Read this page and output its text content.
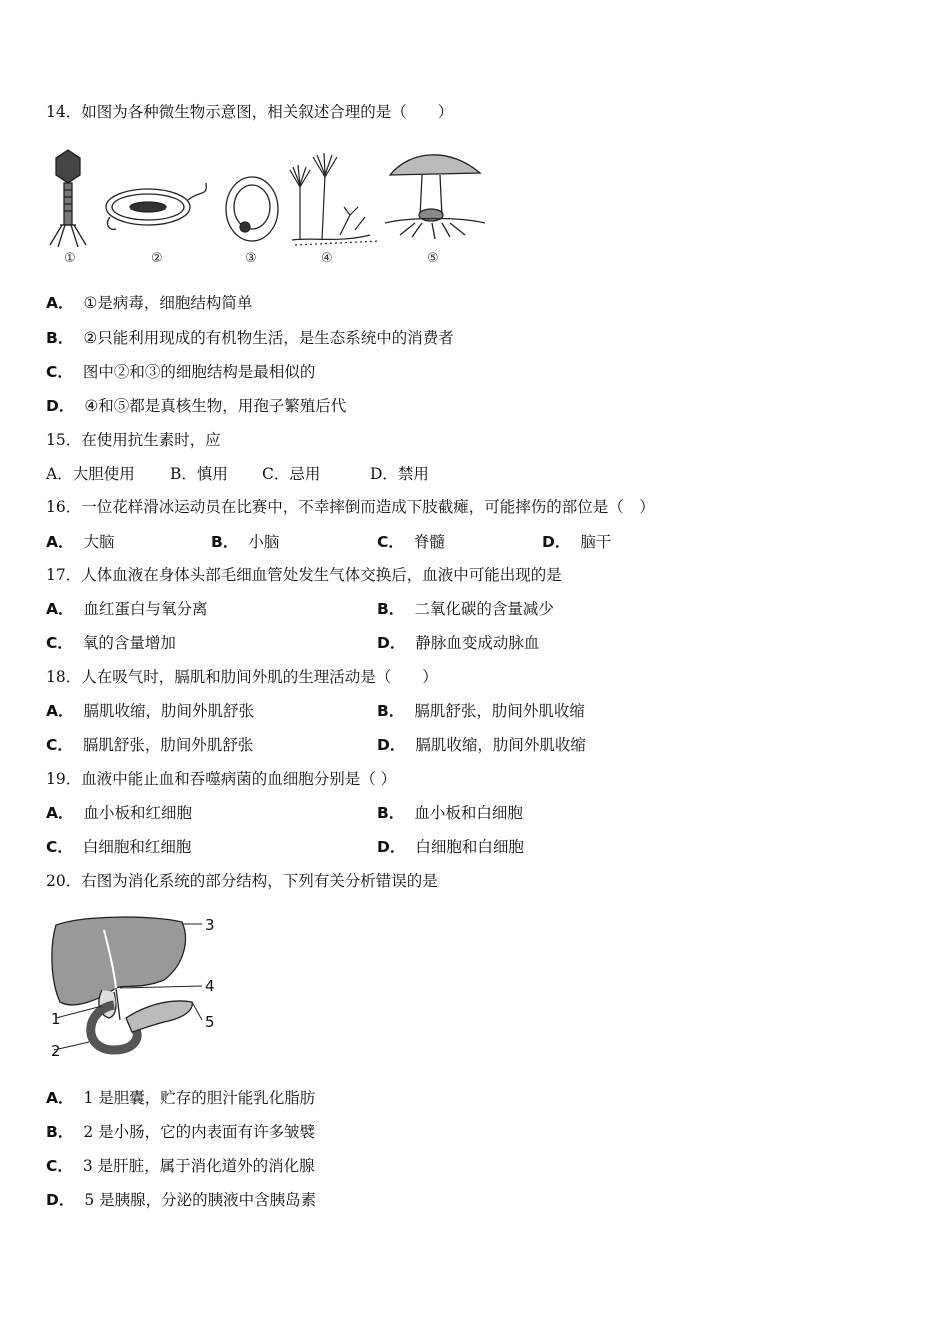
14．如图为各种微生物示意图，相关叙述合理的是（　　）
①	②	③	④	⑤
A． ①是病毒，细胞结构简单
B． ②只能利用现成的有机物生活，是生态系统中的消费者
C． 图中②和③的细胞结构是最相似的
D． ④和⑤都是真核生物，用孢子繁殖后代
15．在使用抗生素时，应
A．大胆使用 B．慎用 C．忌用	D．禁用
16．一位花样滑冰运动员在比赛中，不幸摔倒而造成下肢截瘫，可能摔伤的部位是（　）
A． 大脑	B． 小脑	C． 脊髓	D． 脑干
17．人体血液在身体头部毛细血管处发生气体交换后，血液中可能出现的是
A． 血红蛋白与氧分离	B． 二氧化碳的含量减少
C． 氧的含量增加	D． 静脉血变成动脉血
18．人在吸气时，膈肌和肋间外肌的生理活动是（　　）
A． 膈肌收缩，肋间外肌舒张	B． 膈肌舒张，肋间外肌收缩
C． 膈肌舒张，肋间外肌舒张	D． 膈肌收缩，肋间外肌收缩
19．血液中能止血和吞噬病菌的血细胞分别是（ ）
A． 血小板和红细胞	B． 血小板和白细胞
C． 白细胞和红细胞	D． 白细胞和白细胞
20．右图为消化系统的部分结构，下列有关分析错误的是
3
4
1	5
2
A． 1 是胆囊，贮存的胆汁能乳化脂肪
B． 2 是小肠，它的内表面有许多皱襞
C． 3 是肝脏，属于消化道外的消化腺
D． 5 是胰腺，分泌的胰液中含胰岛素
